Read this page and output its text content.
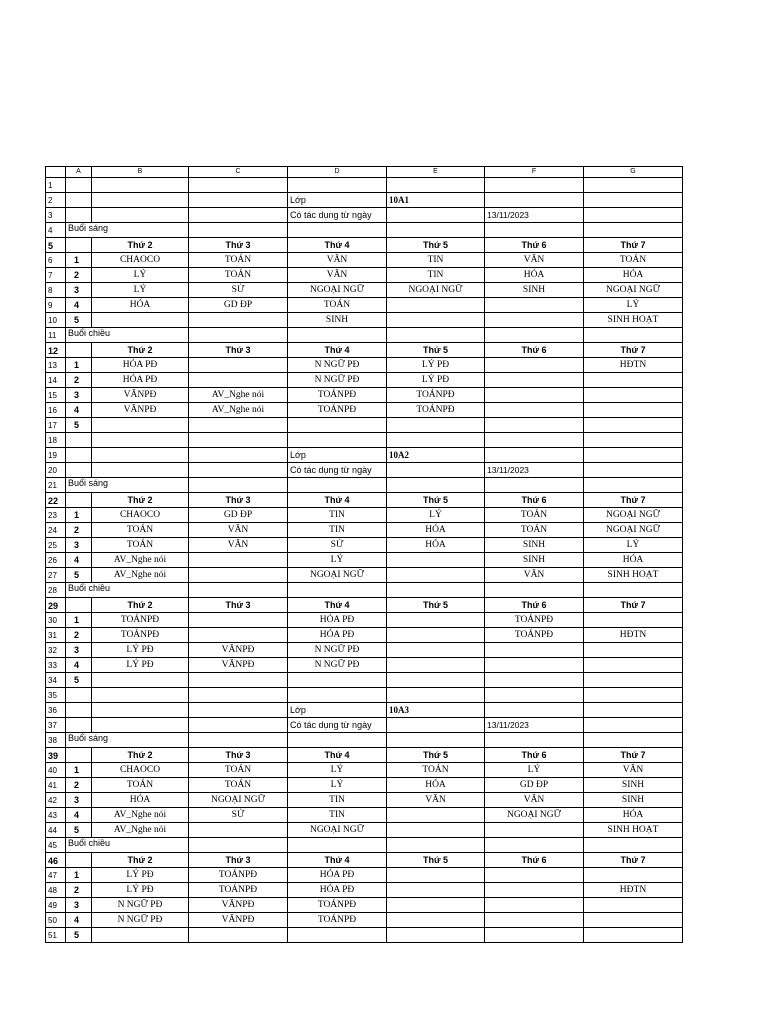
	A	B	C	D	E	F	G
1							
2				Lớp	10A1		
3				Có tác dụng từ ngày		13/11/2023	
4	Buổi sáng						
5		Thứ 2	Thứ 3	Thứ 4	Thứ 5	Thứ 6	Thứ 7
6	1	CHAOCO	TOÁN	VĂN	TIN	VĂN	TOÁN
7	2	LÝ	TOÁN	VĂN	TIN	HÓA	HÓA
8	3	LÝ	SỬ	NGOẠI NGỮ	NGOẠI NGỮ	SINH	NGOẠI NGỮ
9	4	HÓA	GD ĐP	TOÁN			LÝ
10	5			SINH			SINH HOẠT
11	Buổi chiều						
12		Thứ 2	Thứ 3	Thứ 4	Thứ 5	Thứ 6	Thứ 7
13	1	HÓA PĐ		N NGỮ PĐ	LÝ PĐ		HĐTN
14	2	HÓA PĐ		N NGỮ PĐ	LÝ PĐ		
15	3	VĂNPĐ	AV_Nghe nói	TOÁNPĐ	TOÁNPĐ		
16	4	VĂNPĐ	AV_Nghe nói	TOÁNPĐ	TOÁNPĐ		
17	5						
18							
19				Lớp	10A2		
20				Có tác dụng từ ngày		13/11/2023	
21	Buổi sáng						
22		Thứ 2	Thứ 3	Thứ 4	Thứ 5	Thứ 6	Thứ 7
23	1	CHAOCO	GD ĐP	TIN	LÝ	TOÁN	NGOẠI NGỮ
24	2	TOÁN	VĂN	TIN	HÓA	TOÁN	NGOẠI NGỮ
25	3	TOÁN	VĂN	SỬ	HÓA	SINH	LÝ
26	4	AV_Nghe nói		LÝ		SINH	HÓA
27	5	AV_Nghe nói		NGOẠI NGỮ		VĂN	SINH HOẠT
28	Buổi chiều						
29		Thứ 2	Thứ 3	Thứ 4	Thứ 5	Thứ 6	Thứ 7
30	1	TOÁNPĐ		HÓA PĐ		TOÁNPĐ	
31	2	TOÁNPĐ		HÓA PĐ		TOÁNPĐ	HĐTN
32	3	LÝ PĐ	VĂNPĐ	N NGỮ PĐ			
33	4	LÝ PĐ	VĂNPĐ	N NGỮ PĐ			
34	5						
35							
36				Lớp	10A3		
37				Có tác dụng từ ngày		13/11/2023	
38	Buổi sáng						
39		Thứ 2	Thứ 3	Thứ 4	Thứ 5	Thứ 6	Thứ 7
40	1	CHAOCO	TOÁN	LÝ	TOÁN	LÝ	VĂN
41	2	TOÁN	TOÁN	LÝ	HÓA	GD ĐP	SINH
42	3	HÓA	NGOẠI NGỮ	TIN	VĂN	VĂN	SINH
43	4	AV_Nghe nói	SỬ	TIN		NGOẠI NGỮ	HÓA
44	5	AV_Nghe nói		NGOẠI NGỮ			SINH HOẠT
45	Buổi chiều						
46		Thứ 2	Thứ 3	Thứ 4	Thứ 5	Thứ 6	Thứ 7
47	1	LÝ PĐ	TOÁNPĐ	HÓA PĐ			
48	2	LÝ PĐ	TOÁNPĐ	HÓA PĐ			HĐTN
49	3	N NGỮ PĐ	VĂNPĐ	TOÁNPĐ			
50	4	N NGỮ PĐ	VĂNPĐ	TOÁNPĐ			
51	5						
